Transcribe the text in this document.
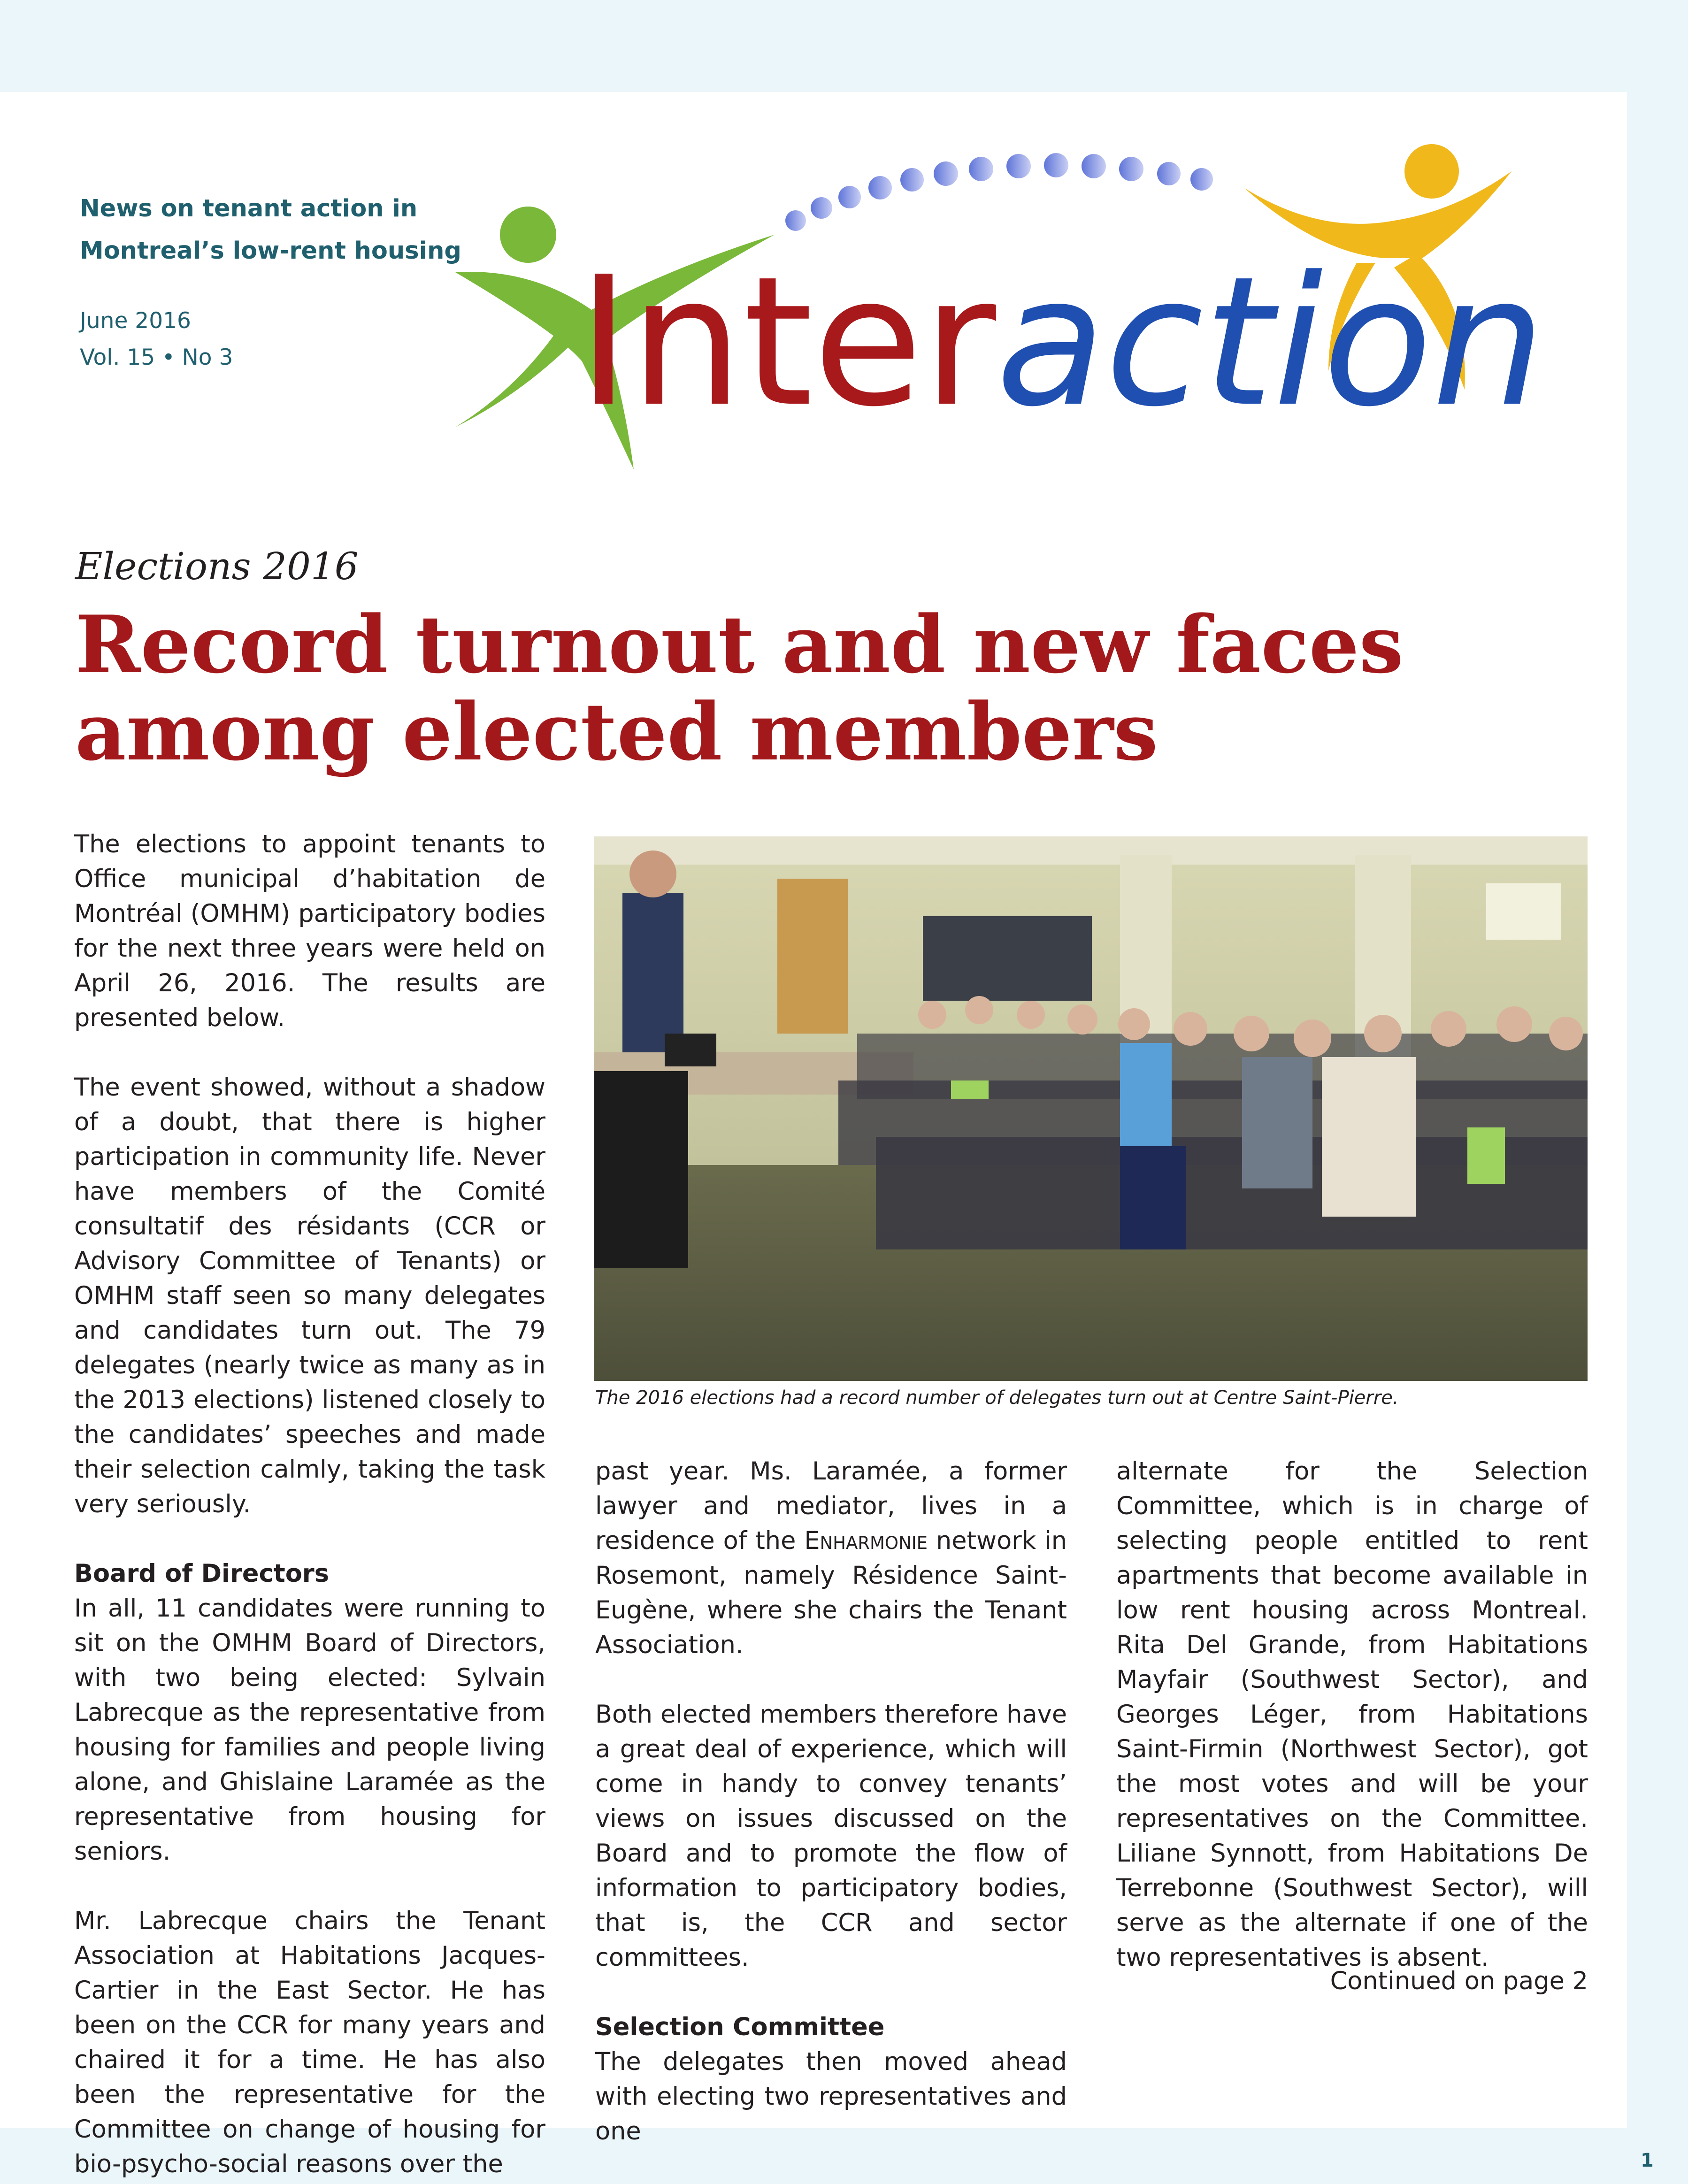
News on tenant action in
Montreal’s low-rent housing
June 2016
Vol. 15 • No 3 Interaction
Elections 2016
Record turnout and new faces among elected members

The elections to appoint tenants to Office municipal d’habitation de Montréal (OMHM) participatory bodies for the next three years were held on April 26, 2016. The results are presented below.

The event showed, without a shadow of a doubt, that there is higher participation in community life. Never have members of the Comité consultatif des résidants (CCR or Advisory Committee of Tenants) or OMHM staff seen so many delegates and candidates turn out. The 79 delegates (nearly twice as many as in the 2013 elections) listened closely to the candidates’ speeches and made their selection calmly, taking the task very seriously.

Board of Directors

In all, 11 candidates were running to sit on the OMHM Board of Directors, with two being elected: Sylvain Labrecque as the representative from housing for families and people living alone, and Ghislaine Laramée as the representative from housing for seniors.

Mr. Labrecque chairs the Tenant Association at Habitations Jacques-Cartier in the East Sector. He has been on the CCR for many years and chaired it for a time. He has also been the representative for the Committee on change of housing for bio-psycho-social reasons over the

The 2016 elections had a record number of delegates turn out at Centre Saint-Pierre.

past year. Ms. Laramée, a former lawyer and mediator, lives in a residence of the Enharmonie network in Rosemont, namely Résidence Saint-Eugène, where she chairs the Tenant Association.

Both elected members therefore have a great deal of experience, which will come in handy to convey tenants’ views on issues discussed on the Board and to promote the flow of information to participatory bodies, that is, the CCR and sector committees.

Selection Committee

The delegates then moved ahead with electing two representatives and one

alternate for the Selection Committee, which is in charge of selecting people entitled to rent apartments that become available in low rent housing across Montreal. Rita Del Grande, from Habitations Mayfair (Southwest Sector), and Georges Léger, from Habitations Saint-Firmin (Northwest Sector), got the most votes and will be your representatives on the Committee. Liliane Synnott, from Habitations De Terrebonne (Southwest Sector), will serve as the alternate if one of the two representatives is absent.

Continued on page 2
1
